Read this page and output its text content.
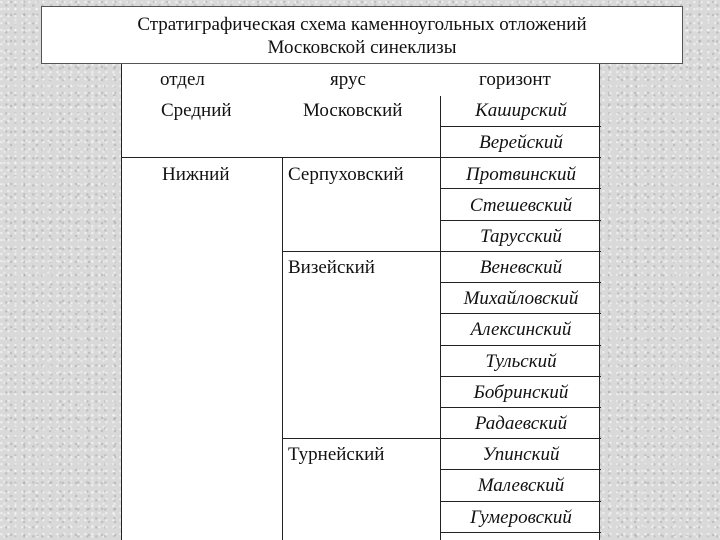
Стратиграфическая схема каменноугольных отложений
Московской синеклизы
отдел	ярус	горизонт
Средний
Нижний
Московский
Серпуховский
Визейский
Турнейский
Каширский
Верейский
Протвинский
Стешевский
Тарусский
Веневский
Михайловский
Алексинский
Тульский
Бобринский
Радаевский
Упинский
Малевский
Гумеровский
